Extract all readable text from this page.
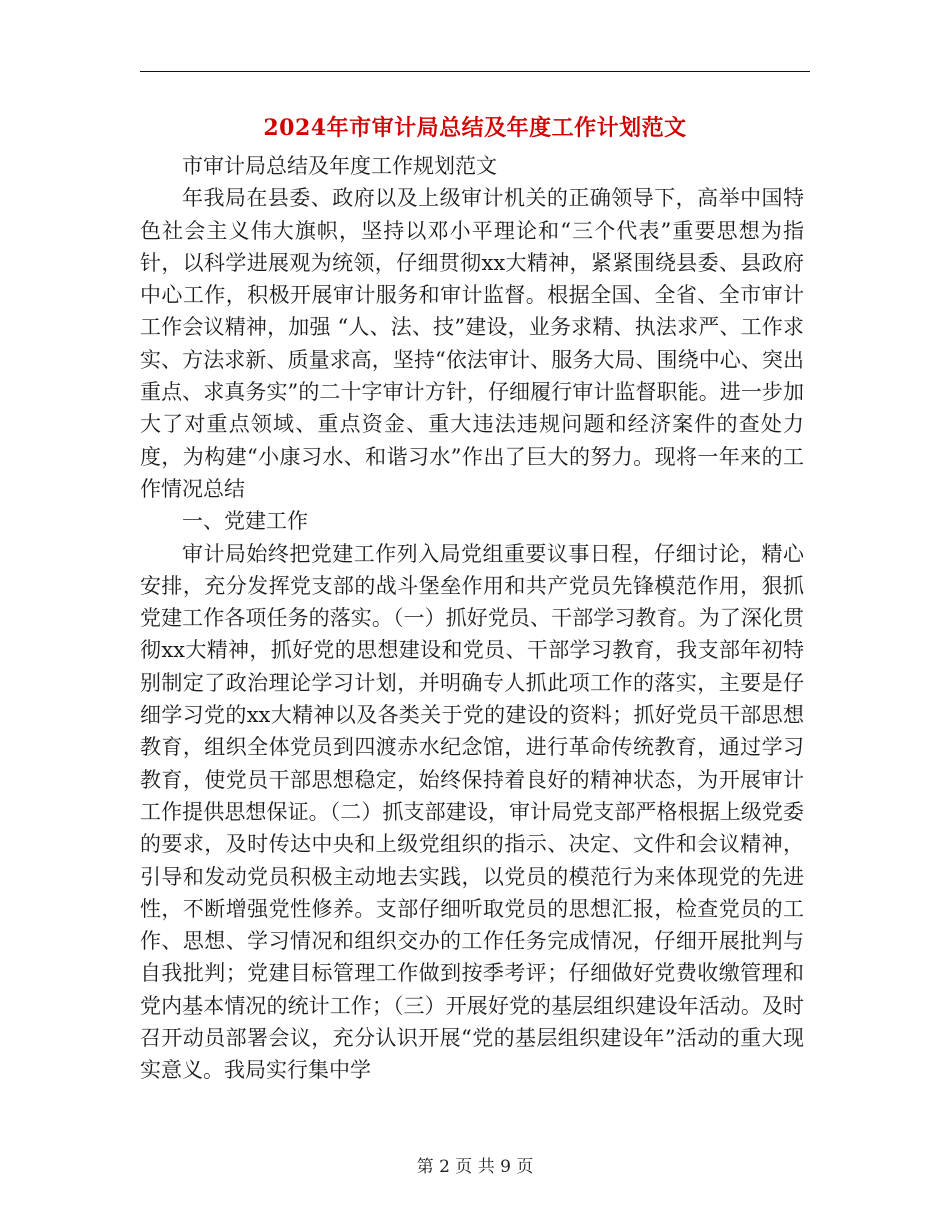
2024年市审计局总结及年度工作计划范文

市审计局总结及年度工作规划范文

年我局在县委、政府以及上级审计机关的正确领导下，高举中国特色社会主义伟大旗帜，坚持以邓小平理论和“三个代表”重要思想为指针，以科学进展观为统领，仔细贯彻xx大精神，紧紧围绕县委、县政府中心工作，积极开展审计服务和审计监督。根据全国、全省、全市审计工作会议精神，加强 “人、法、技”建设，业务求精、执法求严、工作求实、方法求新、质量求高，坚持“依法审计、服务大局、围绕中心、突出重点、求真务实”的二十字审计方针，仔细履行审计监督职能。进一步加大了对重点领域、重点资金、重大违法违规问题和经济案件的查处力度，为构建“小康习水、和谐习水”作出了巨大的努力。现将一年来的工作情况总结

一、党建工作

审计局始终把党建工作列入局党组重要议事日程，仔细讨论，精心安排，充分发挥党支部的战斗堡垒作用和共产党员先锋模范作用，狠抓党建工作各项任务的落实。（一）抓好党员、干部学习教育。为了深化贯彻xx大精神，抓好党的思想建设和党员、干部学习教育，我支部年初特别制定了政治理论学习计划，并明确专人抓此项工作的落实，主要是仔细学习党的xx大精神以及各类关于党的建设的资料；抓好党员干部思想教育，组织全体党员到四渡赤水纪念馆，进行革命传统教育，通过学习教育，使党员干部思想稳定，始终保持着良好的精神状态，为开展审计工作提供思想保证。（二）抓支部建设，审计局党支部严格根据上级党委的要求，及时传达中央和上级党组织的指示、决定、文件和会议精神，引导和发动党员积极主动地去实践，以党员的模范行为来体现党的先进性，不断增强党性修养。支部仔细听取党员的思想汇报，检查党员的工作、思想、学习情况和组织交办的工作任务完成情况，仔细开展批判与自我批判；党建目标管理工作做到按季考评；仔细做好党费收缴管理和党内基本情况的统计工作；（三）开展好党的基层组织建设年活动。及时召开动员部署会议，充分认识开展“党的基层组织建设年”活动的重大现实意义。我局实行集中学

第 2 页 共 9 页
